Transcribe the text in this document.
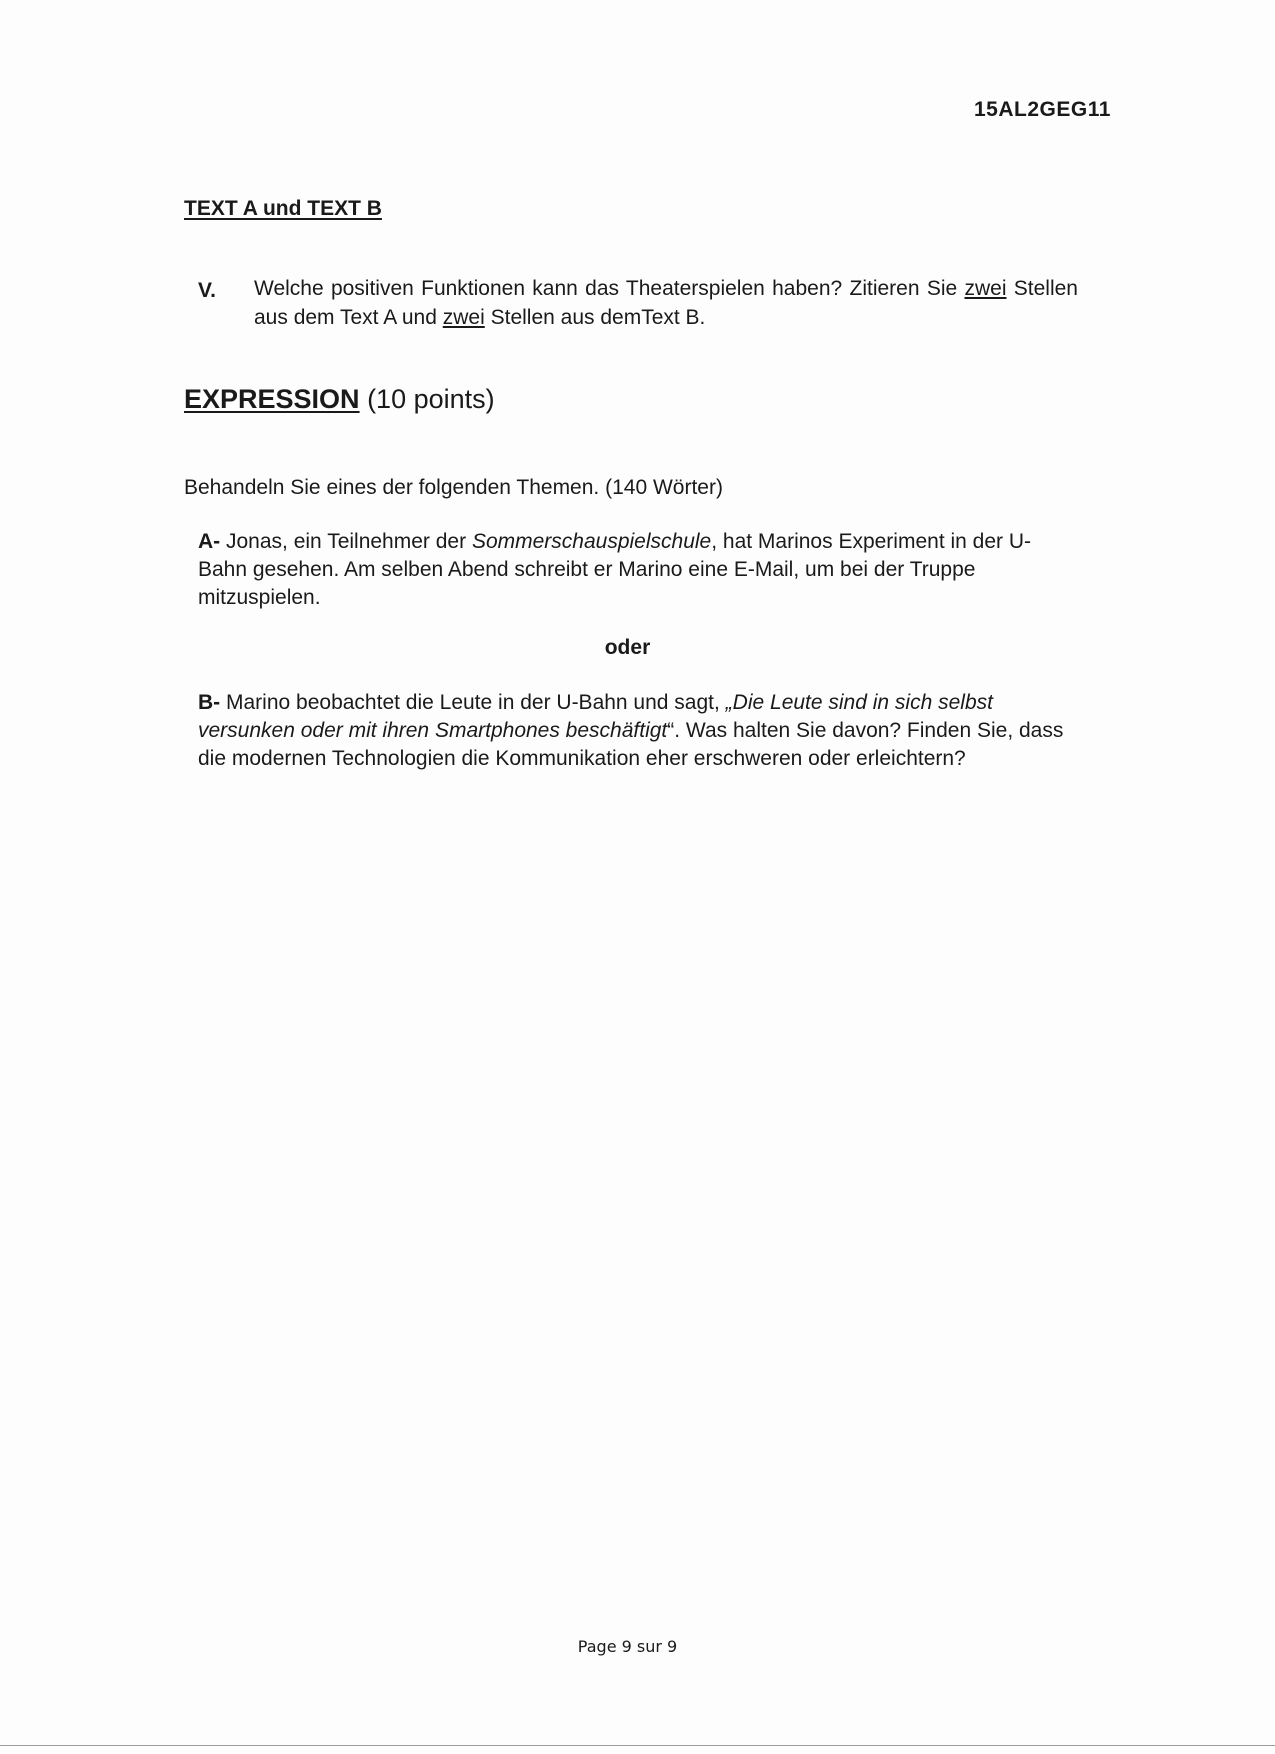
15AL2GEG11
TEXT A und TEXT B
V. Welche positiven Funktionen kann das Theaterspielen haben? Zitieren Sie zwei Stellen aus dem Text A und zwei Stellen aus demText B.
EXPRESSION (10 points)
Behandeln Sie eines der folgenden Themen. (140 Wörter)
A- Jonas, ein Teilnehmer der Sommerschauspielschule, hat Marinos Experiment in der U-Bahn gesehen. Am selben Abend schreibt er Marino eine E-Mail, um bei der Truppe mitzuspielen.
oder
B- Marino beobachtet die Leute in der U-Bahn und sagt, „Die Leute sind in sich selbst versunken oder mit ihren Smartphones beschäftigt“. Was halten Sie davon? Finden Sie, dass die modernen Technologien die Kommunikation eher erschweren oder erleichtern?
Page 9 sur 9
